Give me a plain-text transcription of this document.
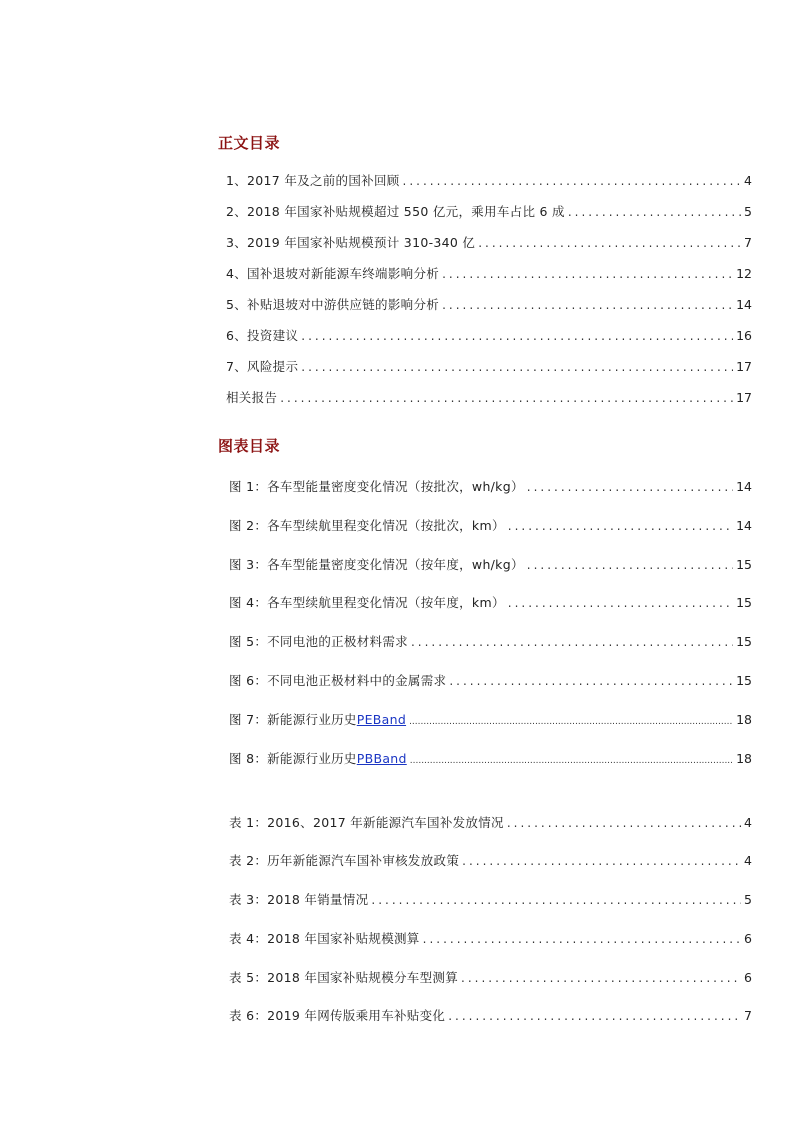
正文目录
1、2017 年及之前的国补回顾 .....	4
2、2018 年国家补贴规模超过 550 亿元，乘用车占比 6 成 .....	5
3、2019 年国家补贴规模预计 310-340 亿 .....	7
4、国补退坡对新能源车终端影响分析 .....	12
5、补贴退坡对中游供应链的影响分析 .....	14
6、投资建议 .....	16
7、风险提示 .....	17
相关报告 .....	17
图表目录
图 1：各车型能量密度变化情况（按批次，wh/kg） .....	14
图 2：各车型续航里程变化情况（按批次，km） .....	14
图 3：各车型能量密度变化情况（按年度，wh/kg） .....	15
图 4：各车型续航里程变化情况（按年度，km） .....	15
图 5：不同电池的正极材料需求 .....	15
图 6：不同电池正极材料中的金属需求 .....	15
图 7：新能源行业历史PEBand .....	18
图 8：新能源行业历史PBBand .....	18
表 1：2016、2017 年新能源汽车国补发放情况 .....	4
表 2：历年新能源汽车国补审核发放政策 .....	4
表 3：2018 年销量情况 .....	5
表 4：2018 年国家补贴规模测算 .....	6
表 5：2018 年国家补贴规模分车型测算 .....	6
表 6：2019 年网传版乘用车补贴变化 .....	7
